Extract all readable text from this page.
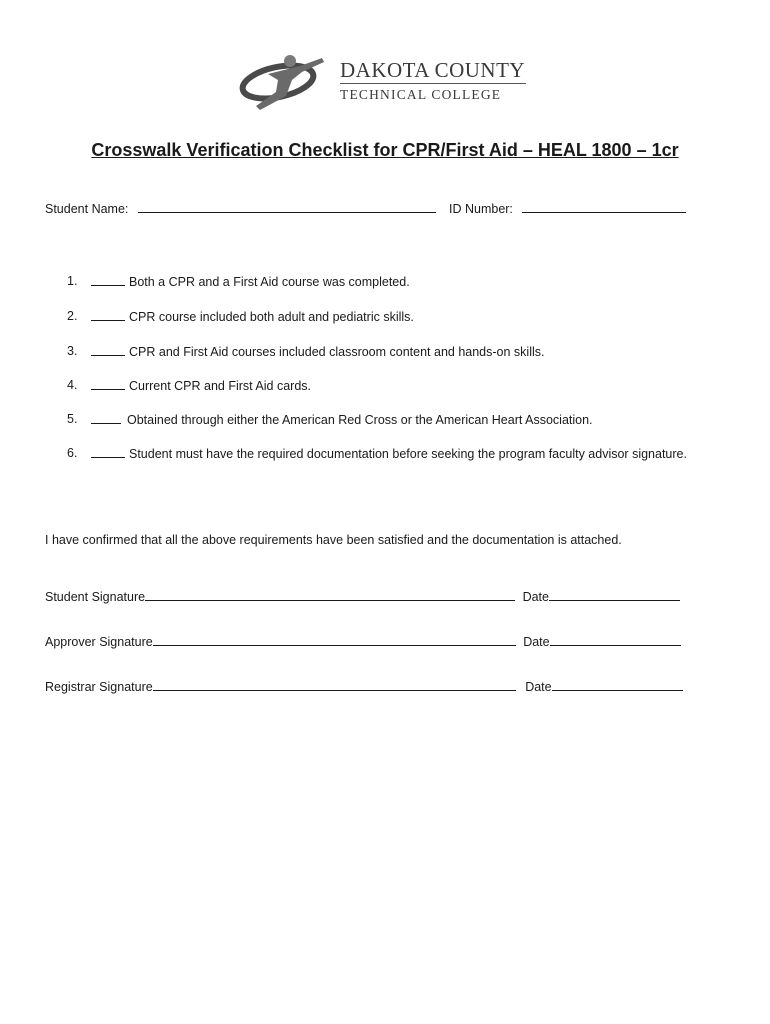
DAKOTA COUNTY
TECHNICAL COLLEGE
Crosswalk Verification Checklist for CPR/First Aid – HEAL 1800 – 1cr
Student Name:	ID Number:
1.	Both a CPR and a First Aid course was completed.
2.	CPR course included both adult and pediatric skills.
3.	CPR and First Aid courses included classroom content and hands-on skills.
4.	Current CPR and First Aid cards.
5.	Obtained through either the American Red Cross or the American Heart Association.
6.	Student must have the required documentation before seeking the program faculty advisor signature.
I have confirmed that all the above requirements have been satisfied and the documentation is attached.
Student Signature	Date
Approver Signature	Date
Registrar Signature	Date
